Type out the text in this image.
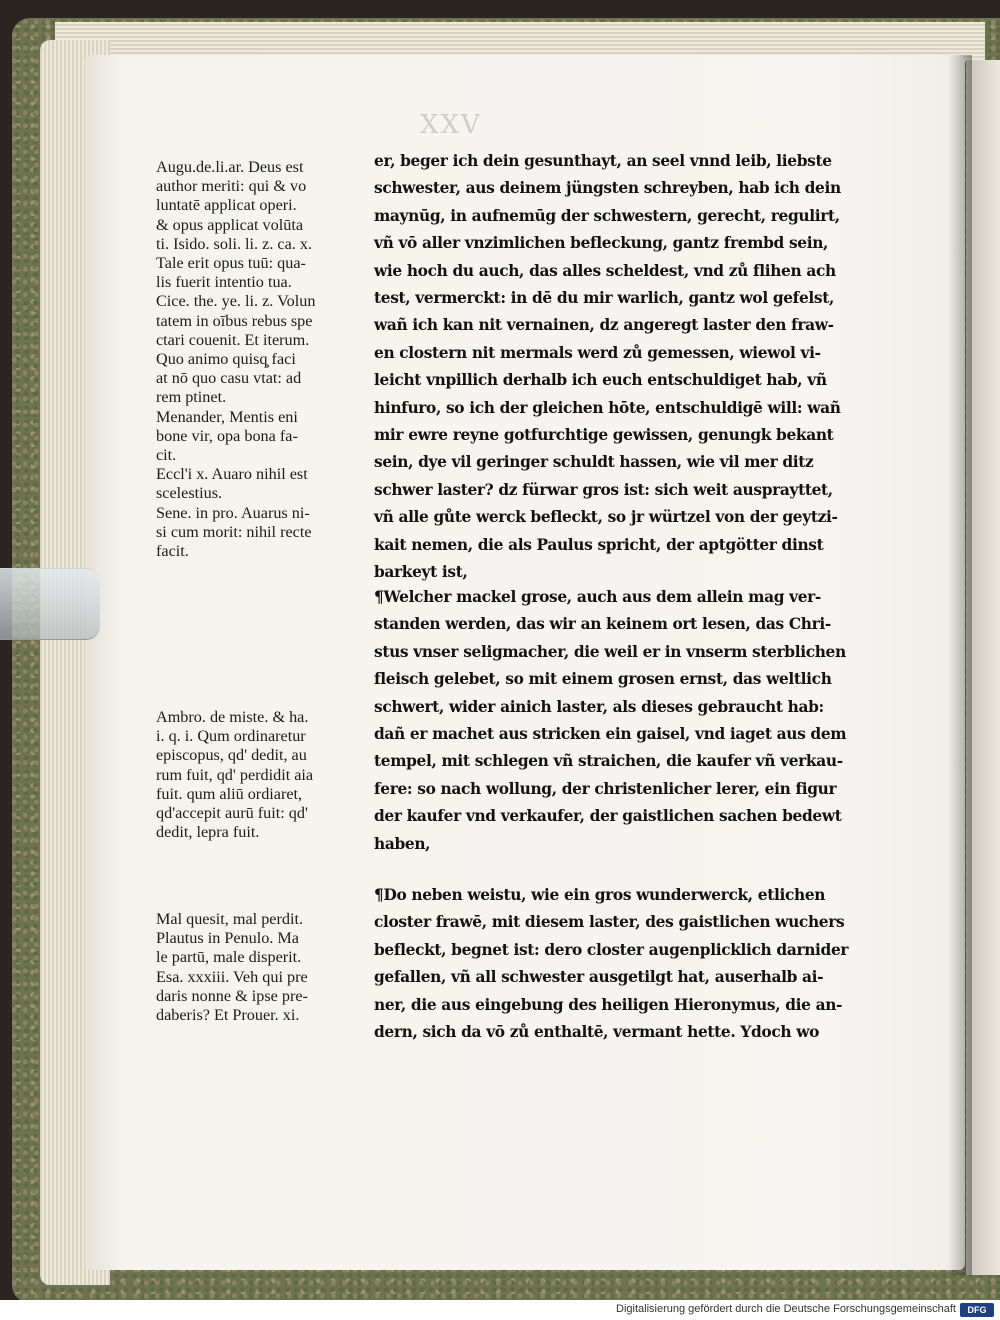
XXV
Augu.de.li.ar. Deus est
author meriti: qui & vo
luntatē applicat operi.
& opus applicat volūta
ti. Isido. soli. li. z. ca. x.
Tale erit opus tuū: qua-
lis fuerit intentio tua.
Cice. the. ye. li. z. Volun
tatem in oībus rebus spe
ctari couenit. Et iterum.
Quo animo quisq̧ faci
at nō quo casu vtat: ad
rem ptinet.
Menander, Mentis eni
bone vir, opa bona fa-
cit.
Eccl'i x. Auaro nihil est
scelestius.
Sene. in pro. Auarus ni-
si cum morit: nihil recte
facit.
Ambro. de miste. & ha.
i. q. i. Qum ordinaretur
episcopus, qd' dedit, au
rum fuit, qd' perdidit aia
fuit. qum aliū ordiaret,
qd'accepit aurū fuit: qd'
dedit, lepra fuit.
Mal quesit, mal perdit.
Plautus in Penulo. Ma
le partū, male disperit.
Esa. xxxiii. Veh qui pre
daris nonne & ipse pre-
daberis? Et Prouer. xi.
er, beger ich dein gesunthayt, an seel vnnd leib, liebste
schwester, aus deinem jüngsten schreyben, hab ich dein
maynūg, in aufnemūg der schwestern, gerecht, regulirt,
vñ vō aller vnzimlichen befleckung, gantz frembd sein,
wie hoch du auch, das alles scheldest, vnd zů flihen ach
test, vermerckt: in dē du mir warlich, gantz wol gefelst,
wañ ich kan nit vernainen, dz angeregt laster den fraw-
en clostern nit mermals werd zů gemessen, wiewol vi-
leicht vnpillich derhalb ich euch entschuldiget hab, vñ
hinfuro, so ich der gleichen hōte, entschuldigē will: wañ
mir ewre reyne gotfurchtige gewissen, genungk bekant
sein, dye vil geringer schuldt hassen, wie vil mer ditz
schwer laster? dz fürwar gros ist: sich weit ausprayttet,
vñ alle gůte werck befleckt, so jr würtzel von der geytzi-
kait nemen, die als Paulus spricht, der aptgötter dinst
barkeyt ist,
¶Welcher mackel grose, auch aus dem allein mag ver-
standen werden, das wir an keinem ort lesen, das Chri-
stus vnser seligmacher, die weil er in vnserm sterblichen
fleisch gelebet, so mit einem grosen ernst, das weltlich
schwert, wider ainich laster, als dieses gebraucht hab:
dañ er machet aus stricken ein gaisel, vnd iaget aus dem
tempel, mit schlegen vñ straichen, die kaufer vñ verkau-
fere: so nach wollung, der christenlicher lerer, ein figur
der kaufer vnd verkaufer, der gaistlichen sachen bedewt
haben,
¶Do neben weistu, wie ein gros wunderwerck, etlichen
closter frawē, mit diesem laster, des gaistlichen wuchers
befleckt, begnet ist: dero closter augenplicklich darnider
gefallen, vñ all schwester ausgetilgt hat, auserhalb ai-
ner, die aus eingebung des heiligen Hieronymus, die an-
dern, sich da vō zů enthaltē, vermant hette. Ydoch wo
Digitalisierung gefördert durch die Deutsche Forschungsgemeinschaft	DFG
